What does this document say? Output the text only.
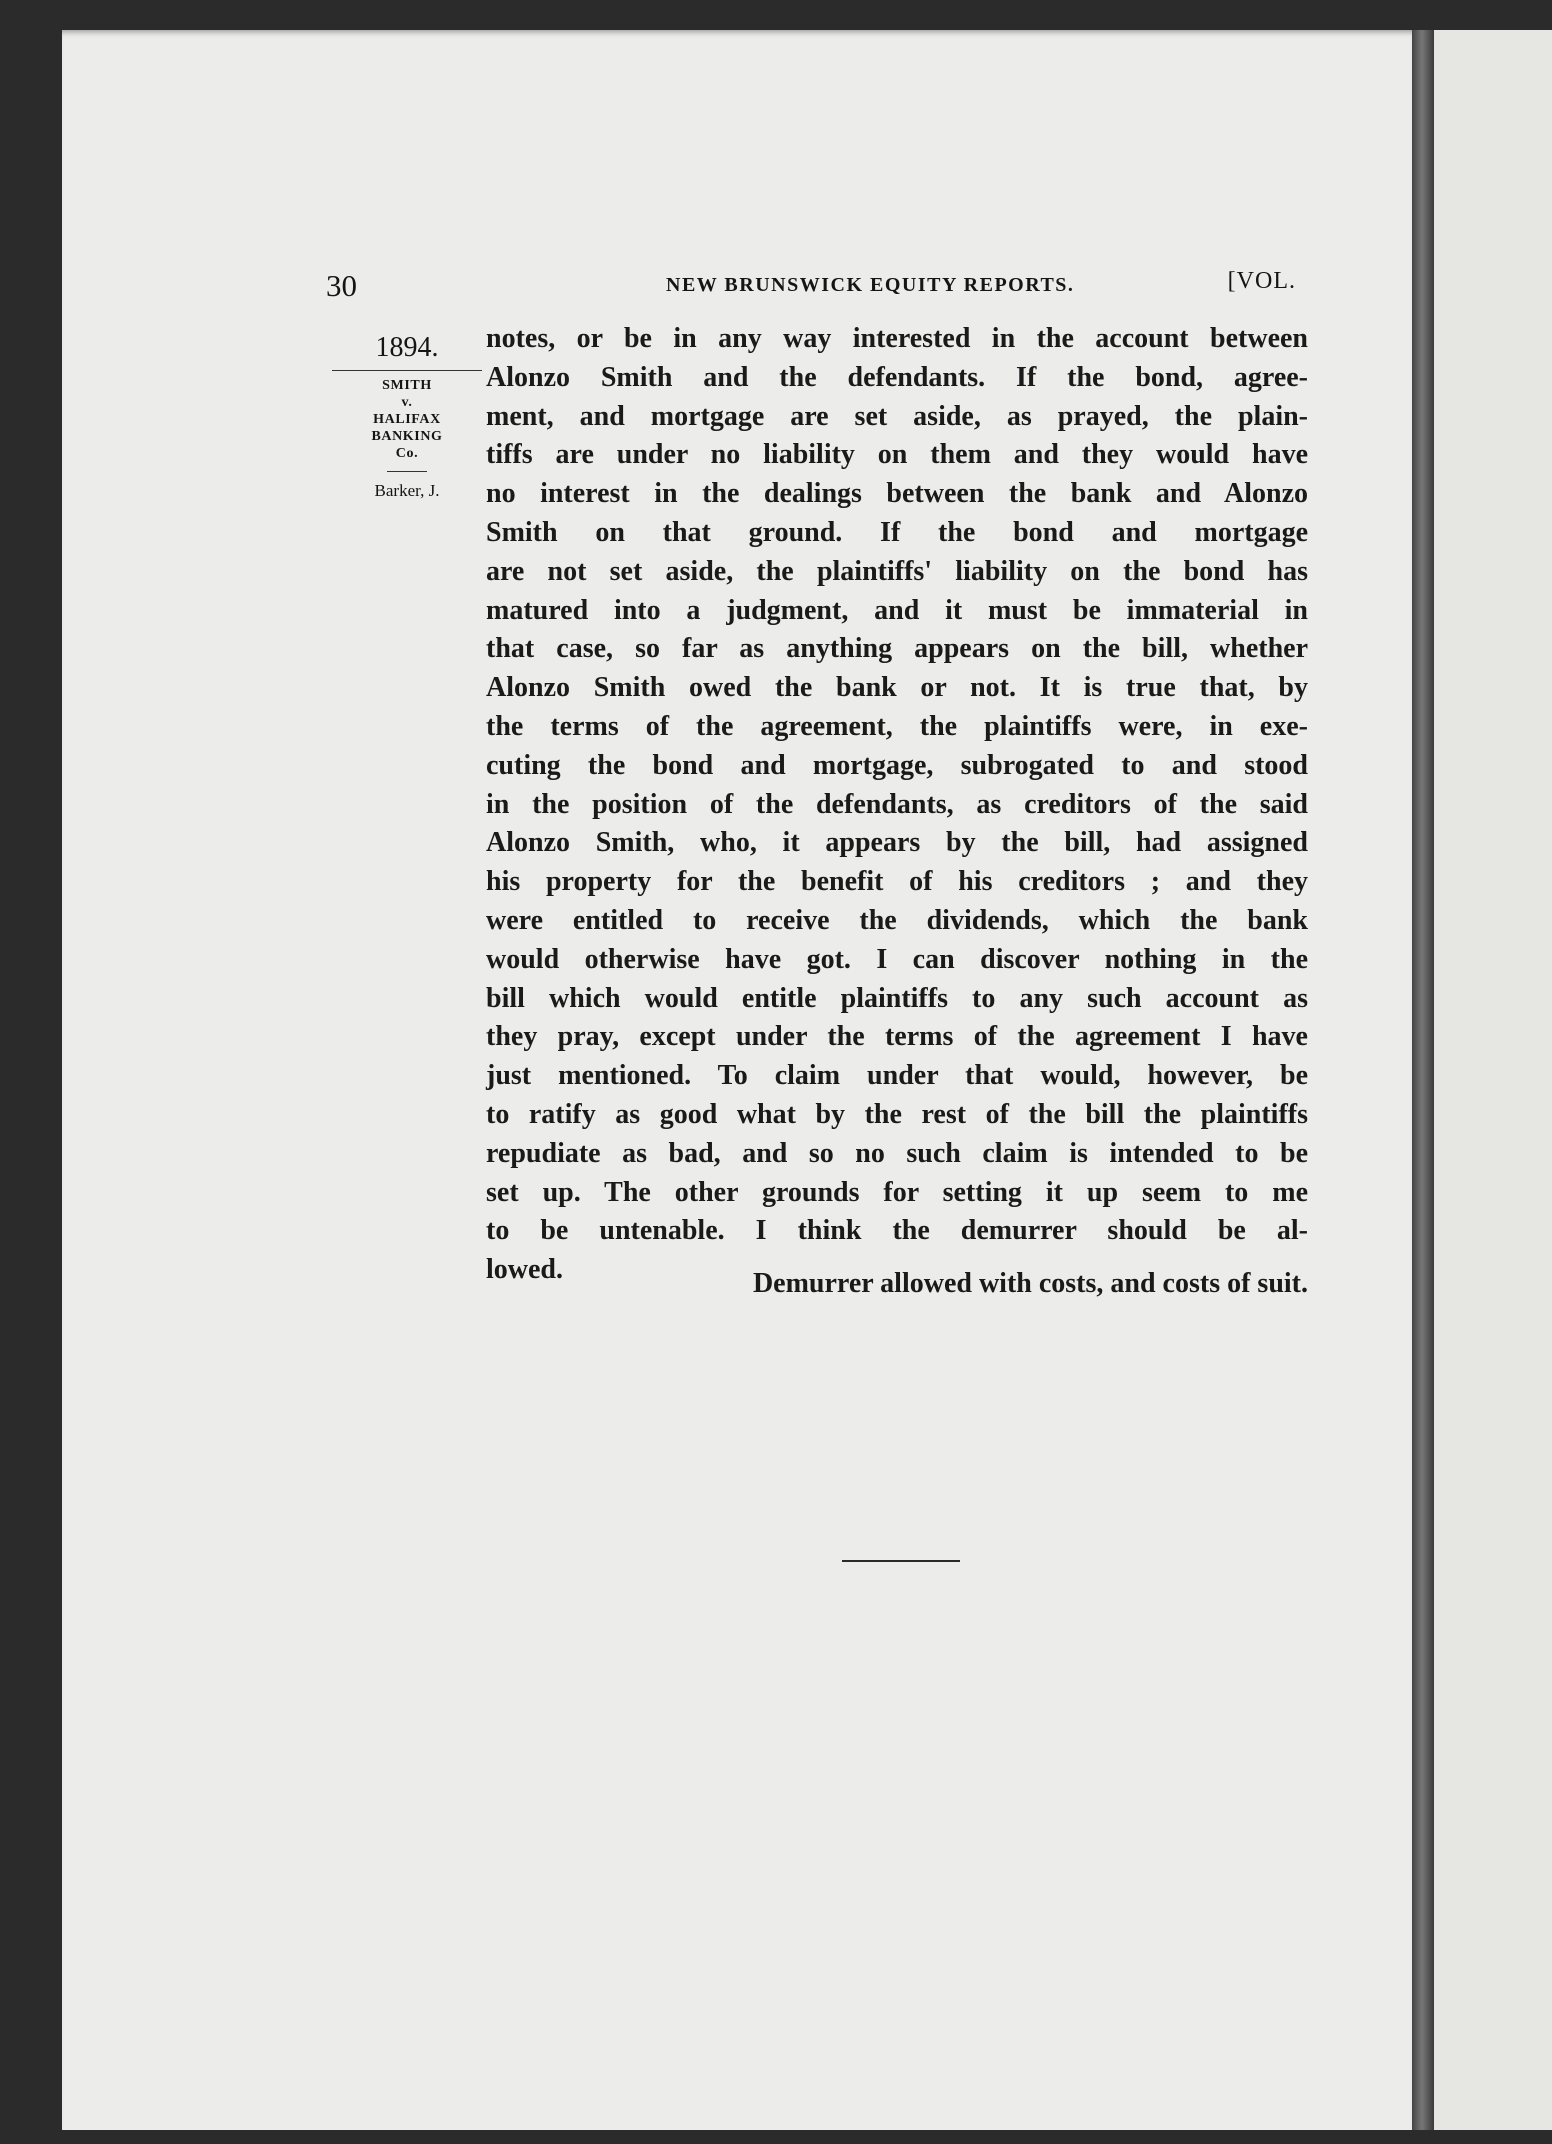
30	NEW BRUNSWICK EQUITY REPORTS.	[VOL.
1894.
SMITH
v.
HALIFAX
BANKING
Co.
Barker, J.
notes, or be in any way interested in the account between
Alonzo Smith and the defendants. If the bond, agree-
ment, and mortgage are set aside, as prayed, the plain-
tiffs are under no liability on them and they would have
no interest in the dealings between the bank and Alonzo
Smith on that ground. If the bond and mortgage
are not set aside, the plaintiffs' liability on the bond has
matured into a judgment, and it must be immaterial in
that case, so far as anything appears on the bill, whether
Alonzo Smith owed the bank or not. It is true that, by
the terms of the agreement, the plaintiffs were, in exe-
cuting the bond and mortgage, subrogated to and stood
in the position of the defendants, as creditors of the said
Alonzo Smith, who, it appears by the bill, had assigned
his property for the benefit of his creditors ; and they
were entitled to receive the dividends, which the bank
would otherwise have got. I can discover nothing in the
bill which would entitle plaintiffs to any such account as
they pray, except under the terms of the agreement I have
just mentioned. To claim under that would, however, be
to ratify as good what by the rest of the bill the plaintiffs
repudiate as bad, and so no such claim is intended to be
set up. The other grounds for setting it up seem to me
to be untenable. I think the demurrer should be al-
lowed.	Demurrer allowed with costs, and costs of suit.
